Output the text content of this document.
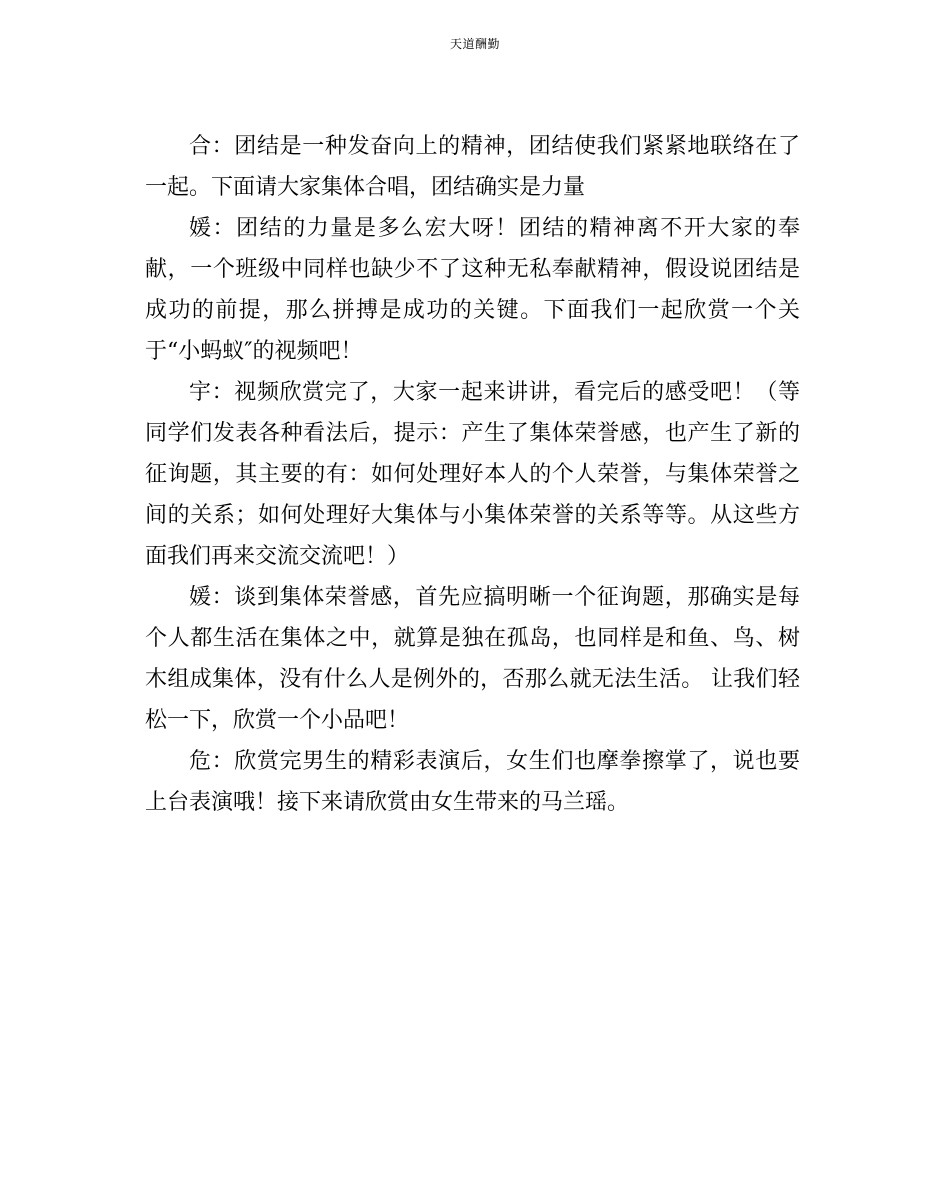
天道酬勤

合：团结是一种发奋向上的精神，团结使我们紧紧地联络在了一起。下面请大家集体合唱，团结确实是力量

媛：团结的力量是多么宏大呀！团结的精神离不开大家的奉献，一个班级中同样也缺少不了这种无私奉献精神，假设说团结是成功的前提，那么拼搏是成功的关键。下面我们一起欣赏一个关于“小蚂蚁″的视频吧！

宇：视频欣赏完了，大家一起来讲讲，看完后的感受吧！（等同学们发表各种看法后，提示：产生了集体荣誉感，也产生了新的征询题，其主要的有：如何处理好本人的个人荣誉，与集体荣誉之间的关系；如何处理好大集体与小集体荣誉的关系等等。从这些方面我们再来交流交流吧！）

媛：谈到集体荣誉感，首先应搞明晰一个征询题，那确实是每个人都生活在集体之中，就算是独在孤岛，也同样是和鱼、鸟、树木组成集体，没有什么人是例外的，否那么就无法生活。 让我们轻松一下，欣赏一个小品吧！

危：欣赏完男生的精彩表演后，女生们也摩拳擦掌了，说也要上台表演哦！接下来请欣赏由女生带来的马兰瑶。
